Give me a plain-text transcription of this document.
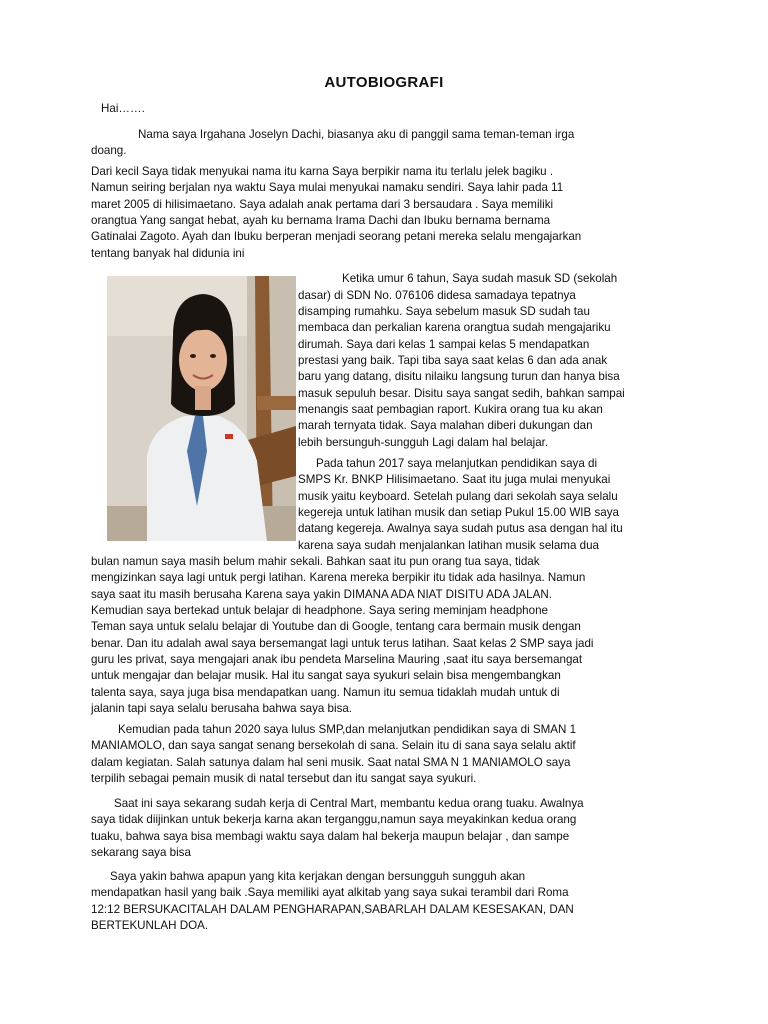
AUTOBIOGRAFI
Hai…….
Nama saya Irgahana Joselyn Dachi, biasanya aku di panggil sama teman-teman irga
doang.
Dari kecil Saya tidak menyukai nama itu karna Saya berpikir nama itu terlalu jelek bagiku .
Namun seiring berjalan nya waktu Saya mulai menyukai namaku sendiri. Saya lahir pada 11
maret 2005 di hilisimaetano. Saya adalah anak pertama dari 3 bersaudara . Saya memiliki
orangtua Yang sangat hebat, ayah ku bernama Irama Dachi dan Ibuku bernama bernama
Gatinalai Zagoto. Ayah dan Ibuku berperan menjadi seorang petani mereka selalu mengajarkan
tentang banyak hal didunia ini
Ketika umur 6 tahun, Saya sudah masuk SD (sekolah
dasar) di SDN No. 076106 didesa samadaya tepatnya
disamping rumahku. Saya sebelum masuk SD sudah tau
membaca dan perkalian karena orangtua sudah mengajariku
dirumah. Saya dari kelas 1 sampai kelas 5 mendapatkan
prestasi yang baik. Tapi tiba saya saat kelas 6 dan ada anak
baru yang datang, disitu nilaiku langsung turun dan hanya bisa
masuk sepuluh besar. Disitu saya sangat sedih, bahkan sampai
menangis saat pembagian raport. Kukira orang tua ku akan
marah ternyata tidak. Saya malahan diberi dukungan dan
lebih bersunguh-sungguh Lagi dalam hal belajar.
Pada tahun 2017 saya melanjutkan pendidikan saya di
SMPS Kr. BNKP Hilisimaetano. Saat itu juga mulai menyukai
musik yaitu keyboard. Setelah pulang dari sekolah saya selalu
kegereja untuk latihan musik dan setiap Pukul 15.00 WIB saya
datang kegereja. Awalnya saya sudah putus asa dengan hal itu
karena saya sudah menjalankan latihan musik selama dua
bulan namun saya masih belum mahir sekali. Bahkan saat itu pun orang tua saya, tidak
mengizinkan saya lagi untuk pergi latihan. Karena mereka berpikir itu tidak ada hasilnya. Namun
saya saat itu masih berusaha Karena saya yakin DIMANA ADA NIAT DISITU ADA JALAN.
Kemudian saya bertekad untuk belajar di headphone. Saya sering meminjam headphone
Teman saya untuk selalu belajar di Youtube dan di Google, tentang cara bermain musik dengan
benar. Dan itu adalah awal saya bersemangat lagi untuk terus latihan. Saat kelas 2 SMP saya jadi
guru les privat, saya mengajari anak ibu pendeta Marselina Mauring ,saat itu saya bersemangat
untuk mengajar dan belajar musik. Hal itu sangat saya syukuri selain bisa mengembangkan
talenta saya, saya juga bisa mendapatkan uang. Namun itu semua tidaklah mudah untuk di
jalanin tapi saya selalu berusaha bahwa saya bisa.
Kemudian pada tahun 2020 saya lulus SMP,dan melanjutkan pendidikan saya di SMAN 1
MANIAMOLO, dan saya sangat senang bersekolah di sana. Selain itu di sana saya selalu aktif
dalam kegiatan. Salah satunya dalam hal seni musik. Saat natal SMA N 1 MANIAMOLO saya
terpilih sebagai pemain musik di natal tersebut dan itu sangat saya syukuri.
Saat ini saya sekarang sudah kerja di Central Mart, membantu kedua orang tuaku. Awalnya
saya tidak diijinkan untuk bekerja karna akan terganggu,namun saya meyakinkan kedua orang
tuaku, bahwa saya bisa membagi waktu saya dalam hal bekerja maupun belajar , dan sampe
sekarang saya bisa
Saya yakin bahwa apapun yang kita kerjakan dengan bersungguh sungguh akan
mendapatkan hasil yang baik .Saya memiliki ayat alkitab yang saya sukai terambil dari Roma
12:12 BERSUKACITALAH DALAM PENGHARAPAN,SABARLAH DALAM KESESAKAN, DAN
BERTEKUNLAH DOA.
